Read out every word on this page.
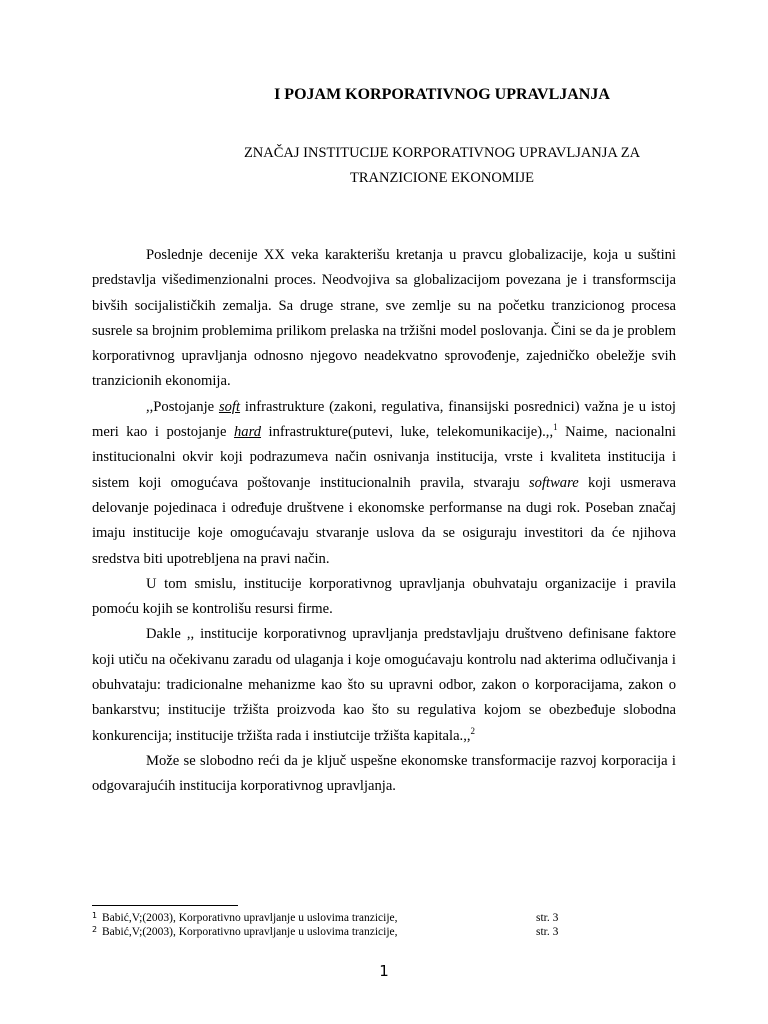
I POJAM KORPORATIVNOG UPRAVLJANJA
ZNAČAJ INSTITUCIJE KORPORATIVNOG UPRAVLJANJA ZA
TRANZICIONE EKONOMIJE

Poslednje decenije XX veka karakterišu kretanja u pravcu globalizacije, koja u suštini predstavlja višedimenzionalni proces. Neodvojiva sa globalizacijom povezana je i transformscija bivših socijalističkih zemalja. Sa druge strane, sve zemlje su na početku tranzicionog procesa susrele sa brojnim problemima prilikom prelaska na tržišni model poslovanja. Čini se da je problem korporativnog upravljanja odnosno njegovo neadekvatno sprovođenje, zajedničko obeležje svih tranzicionih ekonomija.

,,Postojanje soft infrastrukture (zakoni, regulativa, finansijski posrednici) važna je u istoj meri kao i postojanje hard infrastrukture(putevi, luke, telekomunikacije).,,$^1$ Naime, nacionalni institucionalni okvir koji podrazumeva način osnivanja institucija, vrste i kvaliteta institucija i sistem koji omogućava poštovanje institucionalnih pravila, stvaraju software koji usmerava delovanje pojedinaca i određuje društvene i ekonomske performanse na dugi rok. Poseban značaj imaju institucije koje omogućavaju stvaranje uslova da se osiguraju investitori da će njihova sredstva biti upotrebljena na pravi način.

U tom smislu, institucije korporativnog upravljanja obuhvataju organizacije i pravila pomoću kojih se kontrolišu resursi firme.

Dakle ,, institucije korporativnog upravljanja predstavljaju društveno definisane faktore koji utiču na očekivanu zaradu od ulaganja i koje omogućavaju kontrolu nad akterima odlučivanja i obuhvataju: tradicionalne mehanizme kao što su upravni odbor, zakon o korporacijama, zakon o bankarstvu; institucije tržišta proizvoda kao što su regulativa kojom se obezbeđuje slobodna konkurencija; institucije tržišta rada i instiutcije tržišta kapitala.,,$^2$

Može se slobodno reći da je ključ uspešne ekonomske transformacije razvoj korporacija i odgovarajućih institucija korporativnog upravljanja.

1 Babić,V;(2003), Korporativno upravljanje u uslovima tranzicije,	str. 3
2 Babić,V;(2003), Korporativno upravljanje u uslovima tranzicije,	str. 3
1
